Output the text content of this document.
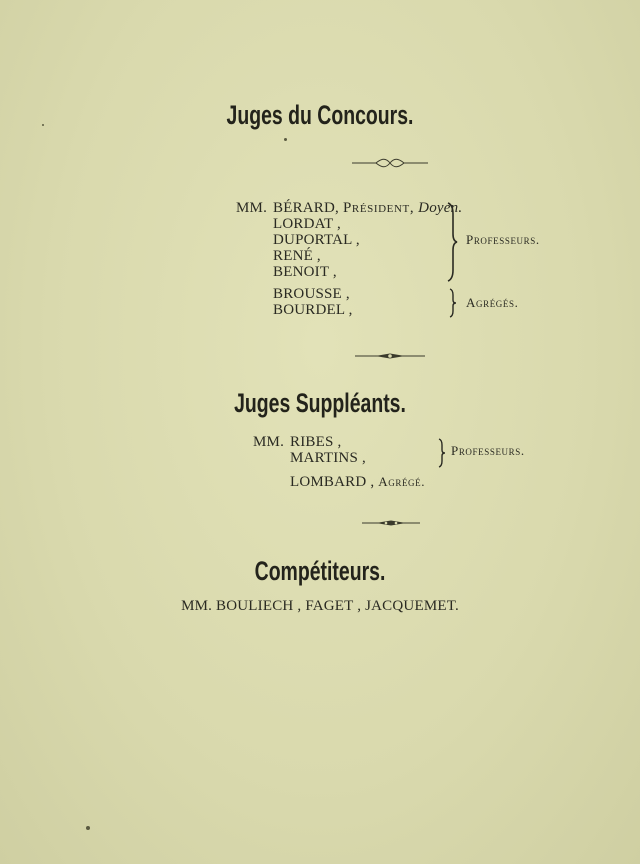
Juges du Concours.
MM. BÉRARD, Président, Doyen.
LORDAT ,
DUPORTAL ,
RENÉ ,
BENOIT ,
Professeurs.
BROUSSE ,
BOURDEL ,	Agrégés.
Juges Suppléants.
MM. RIBES ,
MARTINS ,	Professeurs.
LOMBARD , Agrégé.
Compétiteurs.
MM. BOULIECH , FAGET , JACQUEMET.
